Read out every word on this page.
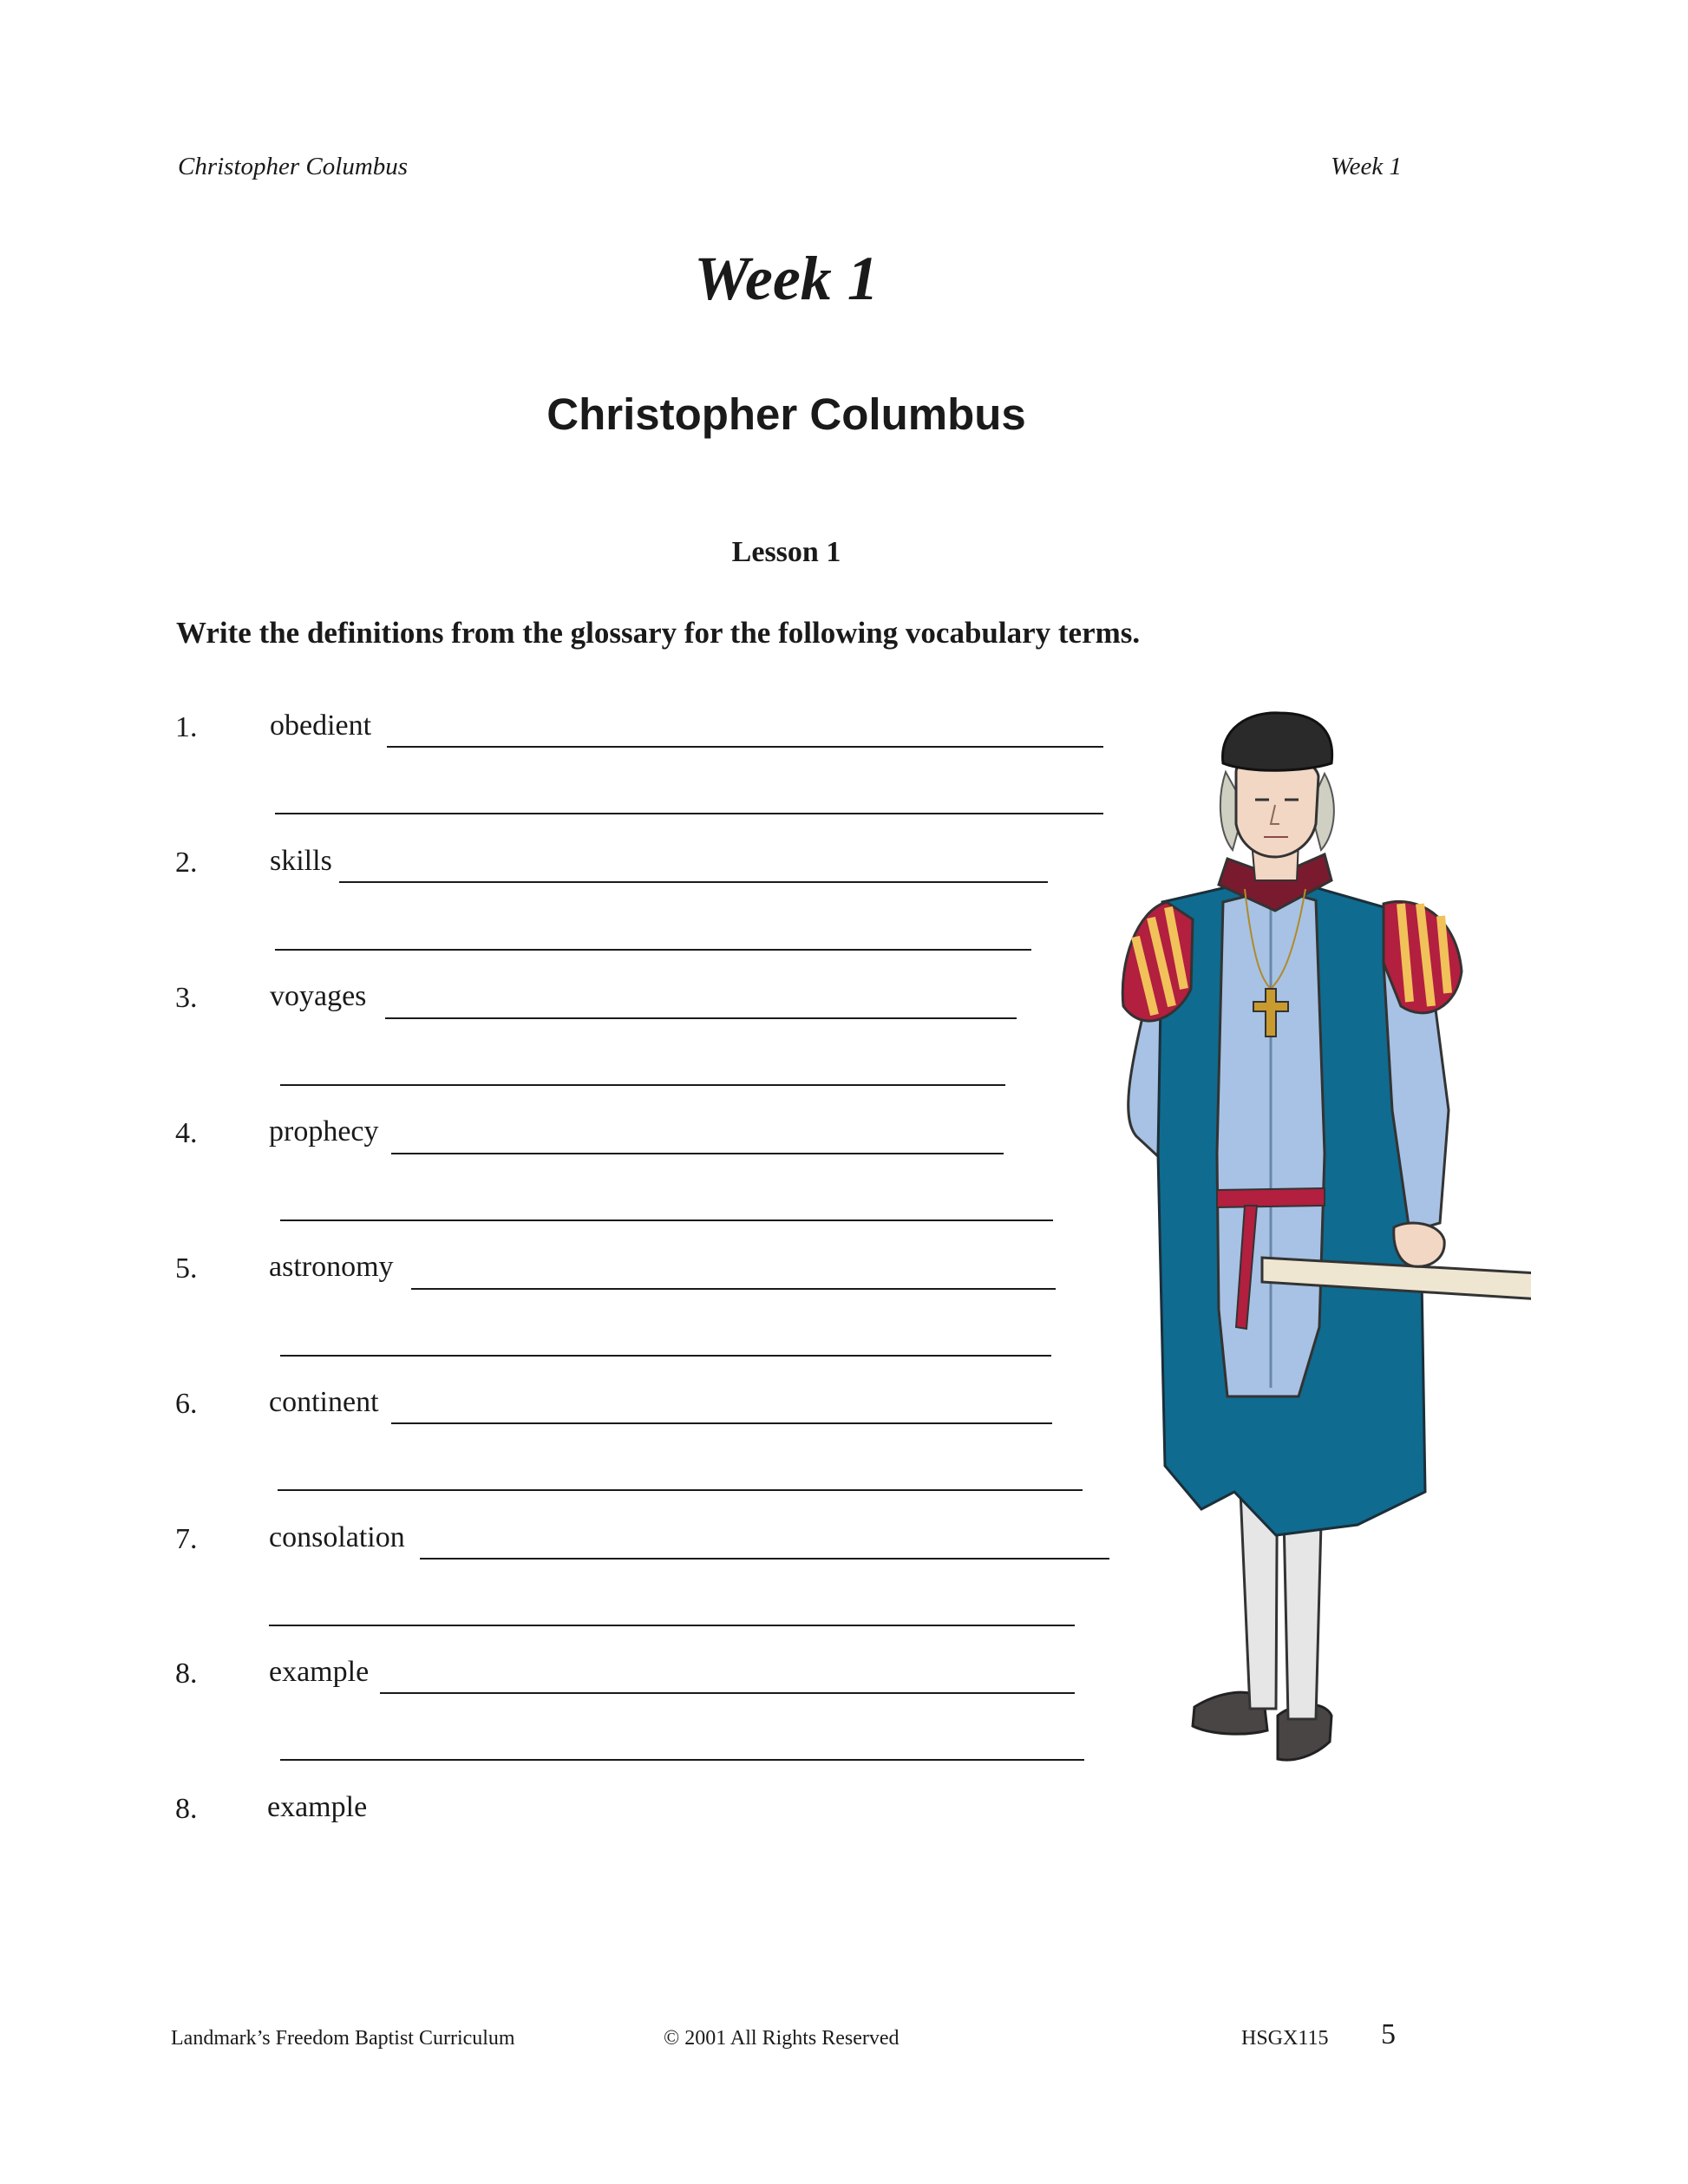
Christopher Columbus	Week 1
Week 1
Christopher Columbus
Lesson 1
Write the definitions from the glossary for the following vocabulary terms.
1. obedient
2. skills
3. voyages
4. prophecy
5. astronomy
6. continent
7. consolation
8. example
8. example
Landmark’s Freedom Baptist Curriculum	© 2001 All Rights Reserved	HSGX115 5
